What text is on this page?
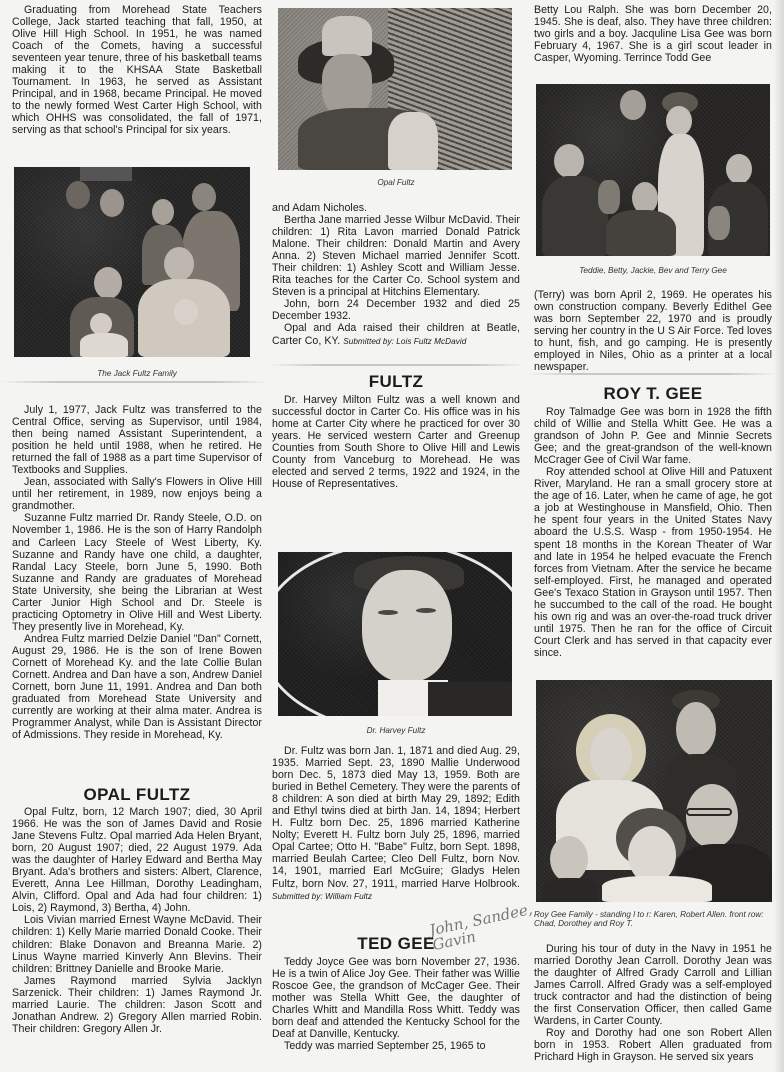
Graduating from Morehead State Teachers College, Jack started teaching that fall, 1950, at Olive Hill High School. In 1951, he was named Coach of the Comets, having a successful seventeen year tenure, three of his basketball teams making it to the KHSAA State Basketball Tournament. In 1963, he served as Assistant Principal, and in 1968, became Principal. He moved to the newly formed West Carter High School, with which OHHS was consolidated, the fall of 1971, serving as that school's Principal for six years.

The Jack Fultz Family

July 1, 1977, Jack Fultz was transferred to the Central Office, serving as Supervisor, until 1984, then being named Assistant Superintendent, a position he held until 1988, when he retired. He returned the fall of 1988 as a part time Supervisor of Textbooks and Supplies.

Jean, associated with Sally's Flowers in Olive Hill until her retirement, in 1989, now enjoys being a grandmother.

Suzanne Fultz married Dr. Randy Steele, O.D. on November 1, 1986. He is the son of Harry Randolph and Carleen Lacy Steele of West Liberty, Ky. Suzanne and Randy have one child, a daughter, Randal Lacy Steele, born June 5, 1990. Both Suzanne and Randy are graduates of Morehead State University, she being the Librarian at West Carter Junior High School and Dr. Steele is practicing Optometry in Olive Hill and West Liberty. They presently live in Morehead, Ky.

Andrea Fultz married Delzie Daniel "Dan" Cornett, August 29, 1986. He is the son of Irene Bowen Cornett of Morehead Ky. and the late Collie Bulan Cornett. Andrea and Dan have a son, Andrew Daniel Cornett, born June 11, 1991. Andrea and Dan both graduated from Morehead State University and currently are working at their alma mater. Andrea is Programmer Analyst, while Dan is Assistant Director of Admissions. They reside in Morehead, Ky.

OPAL FULTZ

Opal Fultz, born, 12 March 1907; died, 30 April 1966. He was the son of James David and Rosie Jane Stevens Fultz. Opal married Ada Helen Bryant, born, 20 August 1907; died, 22 August 1979. Ada was the daughter of Harley Edward and Bertha May Bryant. Ada's brothers and sisters: Albert, Clarence, Everett, Anna Lee Hillman, Dorothy Leadingham, Alvin, Clifford. Opal and Ada had four children: 1) Lois, 2) Raymond, 3) Bertha, 4) John.

Lois Vivian married Ernest Wayne McDavid. Their children: 1) Kelly Marie married Donald Cooke. Their children: Blake Donavon and Breanna Marie. 2) Linus Wayne married Kinverly Ann Blevins. Their children: Brittney Danielle and Brooke Marie.

James Raymond married Sylvia Jacklyn Sarzenick. Their children: 1) James Raymond Jr. married Laurie. The children: Jason Scott and Jonathan Andrew. 2) Gregory Allen married Robin. Their children: Gregory Allen Jr.

Opal Fultz

and Adam Nicholes.

Bertha Jane married Jesse Wilbur McDavid. Their children: 1) Rita Lavon married Donald Patrick Malone. Their children: Donald Martin and Avery Anna. 2) Steven Michael married Jennifer Scott. Their children: 1) Ashley Scott and William Jesse. Rita teaches for the Carter Co. School system and Steven is a principal at Hitchins Elementary.

John, born 24 December 1932 and died 25 December 1932.

Opal and Ada raised their children at Beatle, Carter Co, KY. Submitted by: Lois Fultz McDavid

FULTZ

Dr. Harvey Milton Fultz was a well known and successful doctor in Carter Co. His office was in his home at Carter City where he practiced for over 30 years. He serviced western Carter and Greenup Counties from South Shore to Olive Hill and Lewis County from Vanceburg to Morehead. He was elected and served 2 terms, 1922 and 1924, in the House of Representatives.

Dr. Harvey Fultz

Dr. Fultz was born Jan. 1, 1871 and died Aug. 29, 1935. Married Sept. 23, 1890 Mallie Underwood born Dec. 5, 1873 died May 13, 1959. Both are buried in Bethel Cemetery. They were the parents of 8 children: A son died at birth May 29, 1892; Edith and Ethyl twins died at birth Jan. 14, 1894; Herbert H. Fultz born Dec. 25, 1896 married Katherine Nolty; Everett H. Fultz born July 25, 1896, married Opal Cartee; Otto H. "Babe" Fultz, born Sept. 1898, married Beulah Cartee; Cleo Dell Fultz, born Nov. 14, 1901, married Earl McGuire; Gladys Helen Fultz, born Nov. 27, 1911, married Harve Holbrook. Submitted by: William Fultz

John, Sandee, Gavin
TED GEE

Teddy Joyce Gee was born November 27, 1936. He is a twin of Alice Joy Gee. Their father was Willie Roscoe Gee, the grandson of McCager Gee. Their mother was Stella Whitt Gee, the daughter of Charles Whitt and Mandilla Ross Whitt. Teddy was born deaf and attended the Kentucky School for the Deaf at Danville, Kentucky.

Teddy was married September 25, 1965 to

Betty Lou Ralph. She was born December 20, 1945. She is deaf, also. They have three children: two girls and a boy. Jacquline Lisa Gee was born February 4, 1967. She is a girl scout leader in Casper, Wyoming. Terrince Todd Gee

Teddie, Betty, Jackie, Bev and Terry Gee

(Terry) was born April 2, 1969. He operates his own construction company. Beverly Edithel Gee was born September 22, 1970 and is proudly serving her country in the U S Air Force. Ted loves to hunt, fish, and go camping. He is presently employed in Niles, Ohio as a printer at a local newspaper.

ROY T. GEE

Roy Talmadge Gee was born in 1928 the fifth child of Willie and Stella Whitt Gee. He was a grandson of John P. Gee and Minnie Secrets Gee; and the great-grandson of the well-known McCrager Gee of Civil War fame.

Roy attended school at Olive Hill and Patuxent River, Maryland. He ran a small grocery store at the age of 16. Later, when he came of age, he got a job at Westinghouse in Mansfield, Ohio. Then he spent four years in the United States Navy aboard the U.S.S. Wasp - from 1950-1954. He spent 18 months in the Korean Theater of War and late in 1954 he helped evacuate the French forces from Vietnam. After the service he became self-employed. First, he managed and operated Gee's Texaco Station in Grayson until 1957. Then he succumbed to the call of the road. He bought his own rig and was an over-the-road truck driver until 1975. Then he ran for the office of Circuit Court Clerk and has served in that capacity ever since.

Roy Gee Family - standing l to r: Karen, Robert Allen. front row: Chad, Dorothey and Roy T.

During his tour of duty in the Navy in 1951 he married Dorothy Jean Carroll. Dorothy Jean was the daughter of Alfred Grady Carroll and Lillian James Carroll. Alfred Grady was a self-employed truck contractor and had the distinction of being the first Conservation Officer, then called Game Wardens, in Carter County.

Roy and Dorothy had one son Robert Allen born in 1953. Robert Allen graduated from Prichard High in Grayson. He served six years
